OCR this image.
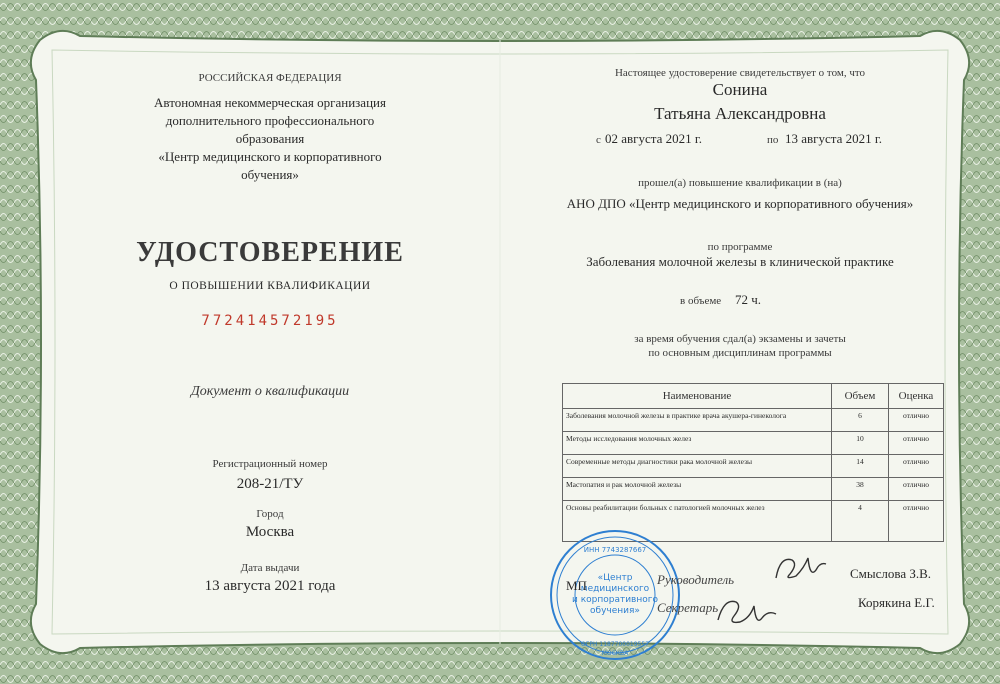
РОССИЙСКАЯ ФЕДЕРАЦИЯ
Автономная некоммерческая организация
дополнительного профессионального
образования
«Центр медицинского и корпоративного
обучения»
УДОСТОВЕРЕНИЕ
О ПОВЫШЕНИИ КВАЛИФИКАЦИИ
772414572195
Документ о квалификации
Регистрационный номер
208-21/ТУ
Город
Москва
Дата выдачи
13 августа 2021 года
Настоящее удостоверение свидетельствует о том, что
Сонина
Татьяна Александровна
с 02 августа 2021 г.	по 13 августа 2021 г.
прошел(а) повышение квалификации в (на)
АНО ДПО «Центр медицинского и корпоративного обучения»
по программе
Заболевания молочной железы в клинической практике
в объеме 72 ч.
за время обучения сдал(а) экзамены и зачеты
по основным дисциплинам программы
Наименование	Объем	Оценка
Заболевания молочной железы в практике врача акушера-гинеколога	6	отлично
Методы исследования молочных желез	10	отлично
Современные методы диагностики рака молочной железы	14	отлично
Мастопатия и рак молочной железы	38	отлично
Основы реабилитации больных с патологией молочных желез	4	отлично
ИНН 7743287667
ОГРН 1187700019557
МОСКВА
«Центр
медицинского
и корпоративного
обучения»
МП	Руководитель
Секретарь
Смыслова З.В.
Корякина Е.Г.
